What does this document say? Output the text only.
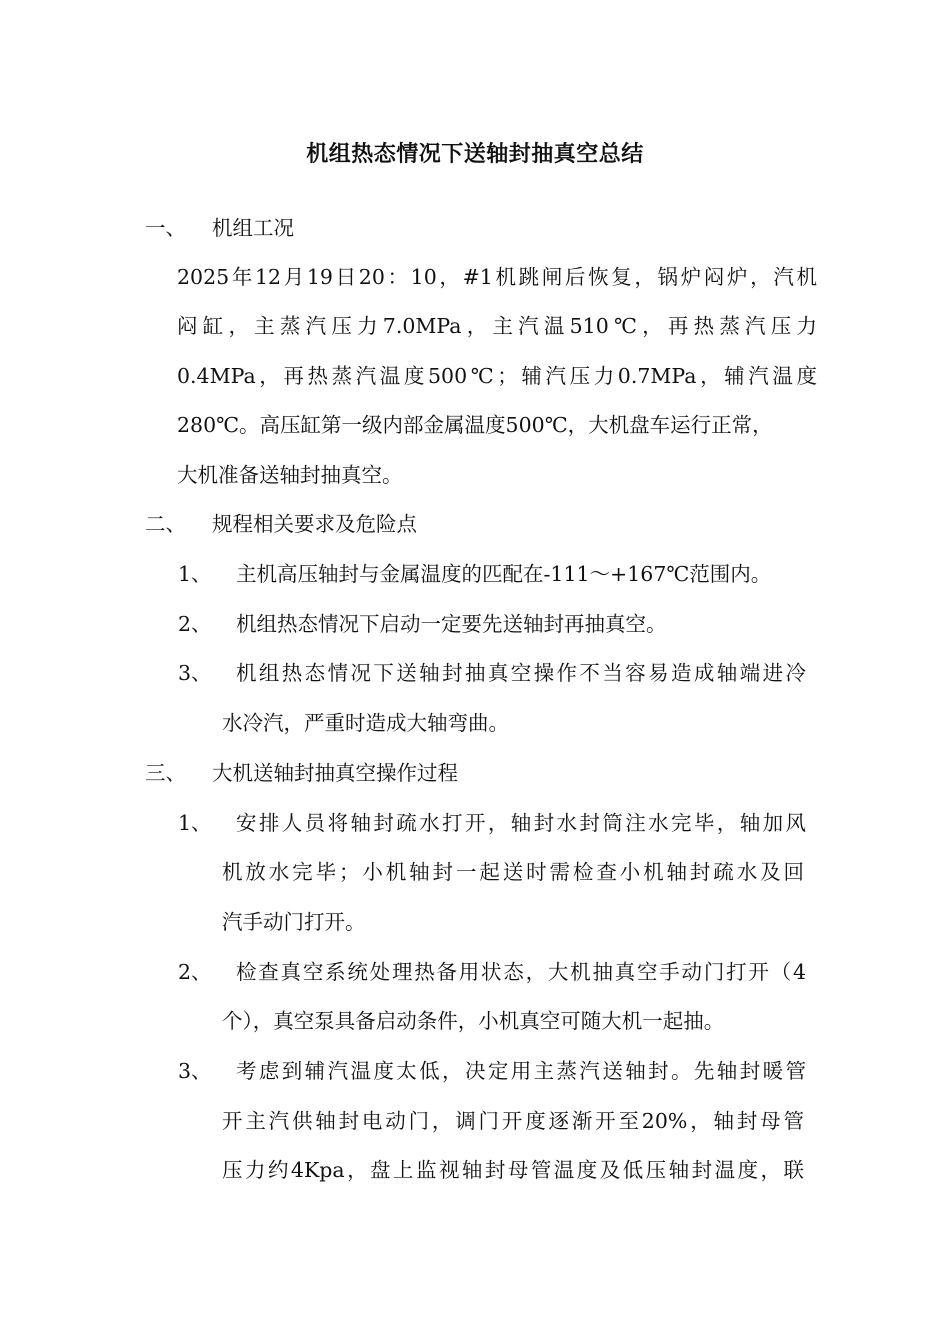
机组热态情况下送轴封抽真空总结
一、 机组工况
2025年12月19日20：10，#1机跳闸后恢复，锅炉闷炉，汽机
闷缸，主蒸汽压力7.0MPa，主汽温510℃，再热蒸汽压力
0.4MPa，再热蒸汽温度500℃；辅汽压力0.7MPa，辅汽温度
280℃。高压缸第一级内部金属温度500℃，大机盘车运行正常，
大机准备送轴封抽真空。
二、 规程相关要求及危险点
1、 主机高压轴封与金属温度的匹配在-111～+167℃范围内。
2、 机组热态情况下启动一定要先送轴封再抽真空。
3、 机组热态情况下送轴封抽真空操作不当容易造成轴端进冷
水冷汽，严重时造成大轴弯曲。
三、 大机送轴封抽真空操作过程
1、 安排人员将轴封疏水打开，轴封水封筒注水完毕，轴加风
机放水完毕；小机轴封一起送时需检查小机轴封疏水及回
汽手动门打开。
2、 检查真空系统处理热备用状态，大机抽真空手动门打开（4
个），真空泵具备启动条件，小机真空可随大机一起抽。
3、 考虑到辅汽温度太低，决定用主蒸汽送轴封。先轴封暖管
开主汽供轴封电动门，调门开度逐渐开至20%，轴封母管
压力约4Kpa，盘上监视轴封母管温度及低压轴封温度，联
